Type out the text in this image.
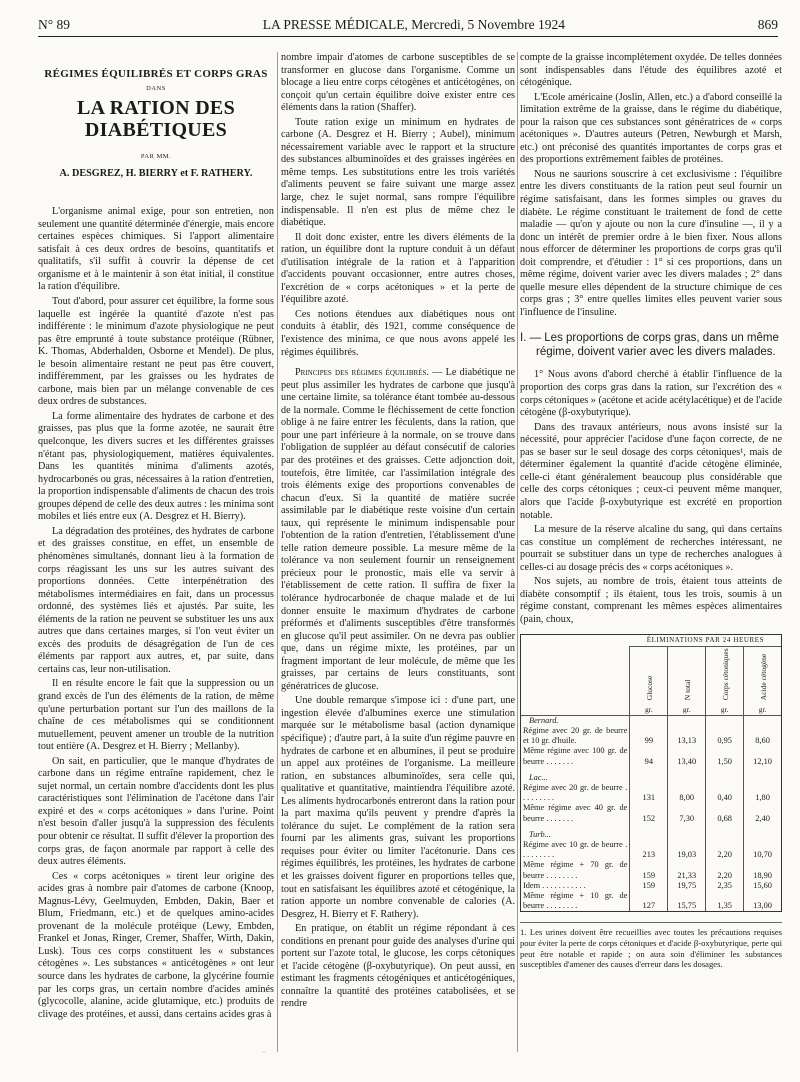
N° 89	LA PRESSE MÉDICALE, Mercredi, 5 Novembre 1924	869
RÉGIMES ÉQUILIBRÉS ET CORPS GRAS
DANS
LA RATION DES DIABÉTIQUES
PAR MM.
A. DESGREZ, H. BIERRY et F. RATHERY.

L'organisme animal exige, pour son entretien, non seulement une quantité déterminée d'énergie, mais encore certaines espèces chimiques. Si l'apport alimentaire satisfait à ces deux ordres de besoins, quantitatifs et qualitatifs, s'il suffit à couvrir la dépense de cet organisme et à le maintenir à son état initial, il constitue la ration d'équilibre.

Tout d'abord, pour assurer cet équilibre, la forme sous laquelle est ingérée la quantité d'azote n'est pas indifférente : le minimum d'azote physiologique ne peut pas être emprunté à toute substance protéique (Rübner, K. Thomas, Abderhalden, Osborne et Mendel). De plus, le besoin alimentaire restant ne peut pas être couvert, indifféremment, par les graisses ou les hydrates de carbone, mais bien par un mélange convenable de ces deux ordres de substances.

La forme alimentaire des hydrates de carbone et des graisses, pas plus que la forme azotée, ne saurait être quelconque, les divers sucres et les différentes graisses n'étant pas, physiologiquement, matières équivalentes. Dans les quantités minima d'aliments azotés, hydrocarbonés ou gras, nécessaires à la ration d'entretien, la proportion indispensable d'aliments de chacun des trois groupes dépend de celle des deux autres : les minima sont mobiles et liés entre eux (A. Desgrez et H. Bierry).

La dégradation des protéines, des hydrates de carbone et des graisses constitue, en effet, un ensemble de phénomènes simultanés, donnant lieu à la formation de corps réagissant les uns sur les autres suivant des proportions données. Cette interpénétration des métabolismes intermédiaires en fait, dans un processus ordonné, des systèmes liés et ajustés. Par suite, les éléments de la ration ne peuvent se substituer les uns aux autres que dans certaines marges, si l'on veut éviter un excès des produits de désagrégation de l'un de ces éléments par rapport aux autres, et, par suite, dans certains cas, leur non-utilisation.

Il en résulte encore le fait que la suppression ou un grand excès de l'un des éléments de la ration, de même qu'une perturbation portant sur l'un des maillons de la chaîne de ces métabolismes qui se conditionnent mutuellement, peuvent amener un trouble de la nutrition tout entière (A. Desgrez et H. Bierry ; Mellanby).

On sait, en particulier, que le manque d'hydrates de carbone dans un régime entraîne rapidement, chez le sujet normal, un certain nombre d'accidents dont les plus caractéristiques sont l'élimination de l'acétone dans l'air expiré et des « corps acétoniques » dans l'urine. Point n'est besoin d'aller jusqu'à la suppression des féculents pour obtenir ce résultat. Il suffit d'élever la proportion des corps gras, de façon anormale par rapport à celle des deux autres éléments.

Ces « corps acétoniques » tirent leur origine des acides gras à nombre pair d'atomes de carbone (Knoop, Magnus-Lévy, Geelmuyden, Embden, Dakin, Baer et Blum, Friedmann, etc.) et de quelques amino-acides provenant de la molécule protéique (Lewy, Embden, Frankel et Jonas, Ringer, Cremer, Shaffer, Wirth, Dakin, Lusk). Tous ces corps constituent les « substances cétogènes ». Les substances « anticétogènes » ont leur source dans les hydrates de carbone, la glycérine fournie par les corps gras, un certain nombre d'acides aminés (glycocolle, alanine, acide glutamique, etc.) produits de clivage des protéines, et aussi, dans certains acides gras à

nombre impair d'atomes de carbone susceptibles de se transformer en glucose dans l'organisme. Comme un blocage a lieu entre corps cétogènes et anticétogènes, on conçoit qu'un certain équilibre doive exister entre ces éléments dans la ration (Shaffer).

Toute ration exige un minimum en hydrates de carbone (A. Desgrez et H. Bierry ; Aubel), minimum nécessairement variable avec le rapport et la structure des substances albuminoïdes et des graisses ingérées en même temps. Les substitutions entre les trois variétés d'aliments peuvent se faire suivant une marge assez large, chez le sujet normal, sans rompre l'équilibre indispensable. Il n'en est plus de même chez le diabétique.

Il doit donc exister, entre les divers éléments de la ration, un équilibre dont la rupture conduit à un défaut d'utilisation intégrale de la ration et à l'apparition d'accidents pouvant occasionner, entre autres choses, l'excrétion de « corps acétoniques » et la perte de l'équilibre azoté.

Ces notions étendues aux diabétiques nous ont conduits à établir, dès 1921, comme conséquence de l'existence des minima, ce que nous avons appelé les régimes équilibrés.

Principes des régimes équilibrés. — Le diabétique ne peut plus assimiler les hydrates de carbone que jusqu'à une certaine limite, sa tolérance étant tombée au-dessous de la normale. Comme le fléchissement de cette fonction oblige à ne faire entrer les féculents, dans la ration, que pour une part inférieure à la normale, on se trouve dans l'obligation de suppléer au défaut consécutif de calories par des protéines et des graisses. Cette adjonction doit, toutefois, être limitée, car l'assimilation intégrale des trois éléments exige des proportions convenables de chacun d'eux. Si la quantité de matière sucrée assimilable par le diabétique reste voisine d'un certain taux, qui représente le minimum indispensable pour l'obtention de la ration d'entretien, l'établissement d'une telle ration demeure possible. La mesure même de la tolérance va non seulement fournir un renseignement précieux pour le pronostic, mais elle va servir à l'établissement de cette ration. Il suffira de fixer la tolérance hydrocarbonée de chaque malade et de lui donner ensuite le maximum d'hydrates de carbone préformés et d'aliments susceptibles d'être transformés en glucose qu'il peut assimiler. On ne devra pas oublier que, dans un régime mixte, les protéines, par un fragment important de leur molécule, de même que les graisses, par certains de leurs constituants, sont génératrices de glucose.

Une double remarque s'impose ici : d'une part, une ingestion élevée d'albumines exerce une stimulation marquée sur le métabolisme basal (action dynamique spécifique) ; d'autre part, à la suite d'un régime pauvre en hydrates de carbone et en albumines, il peut se produire un appel aux protéines de l'organisme. La meilleure ration, en substances albuminoïdes, sera celle qui, qualitative et quantitative, maintiendra l'équilibre azoté. Les aliments hydrocarbonés entreront dans la ration pour la part maxima qu'ils peuvent y prendre d'après la tolérance du sujet. Le complément de la ration sera fourni par les aliments gras, suivant les proportions requises pour éviter ou limiter l'acétonurie. Dans ces régimes équilibrés, les protéines, les hydrates de carbone et les graisses doivent figurer en proportions telles que, tout en satisfaisant les équilibres azoté et cétogénique, la ration apporte un nombre convenable de calories (A. Desgrez, H. Bierry et F. Rathery).

En pratique, on établit un régime répondant à ces conditions en prenant pour guide des analyses d'urine qui portent sur l'azote total, le glucose, les corps cétoniques et l'acide cétogène (β-oxybutyrique). On peut aussi, en estimant les fragments cétogéniques et anticétogéniques, connaître la quantité des protéines catabolisées, et se rendre

compte de la graisse incomplètement oxydée. De telles données sont indispensables dans l'étude des équilibres azoté et cétogénique.

L'Ecole américaine (Joslin, Allen, etc.) a d'abord conseillé la limitation extrême de la graisse, dans le régime du diabétique, pour la raison que ces substances sont génératrices de « corps acétoniques ». D'autres auteurs (Petren, Newburgh et Marsh, etc.) ont préconisé des quantités importantes de corps gras et des proportions extrêmement faibles de protéines.

Nous ne saurions souscrire à cet exclusivisme : l'équilibre entre les divers constituants de la ration peut seul fournir un régime satisfaisant, dans les formes simples ou graves du diabète. Le régime constituant le traitement de fond de cette maladie — qu'on y ajoute ou non la cure d'insuline —, il y a donc un intérêt de premier ordre à le bien fixer. Nous allons nous efforcer de déterminer les proportions de corps gras qu'il doit comprendre, et d'étudier : 1° si ces proportions, dans un même régime, doivent varier avec les divers malades ; 2° dans quelle mesure elles dépendent de la structure chimique de ces corps gras ; 3° entre quelles limites elles peuvent varier sous l'influence de l'insuline.

I. — Les proportions de corps gras, dans un même régime, doivent varier avec les divers malades.

1° Nous avons d'abord cherché à établir l'influence de la proportion des corps gras dans la ration, sur l'excrétion des « corps cétoniques » (acétone et acide acétylacétique) et de l'acide cétogène (β-oxybutyrique).

Dans des travaux antérieurs, nous avons insisté sur la nécessité, pour apprécier l'acidose d'une façon correcte, de ne pas se baser sur le seul dosage des corps cétoniques¹, mais de déterminer également la quantité d'acide cétogène éliminée, celle-ci étant généralement beaucoup plus considérable que celle des corps cétoniques ; ceux-ci peuvent même manquer, alors que l'acide β-oxybutyrique est excrété en proportion notable.

La mesure de la réserve alcaline du sang, qui dans certains cas constitue un complément de recherches intéressant, ne pourrait se substituer dans un type de recherches analogues à celles-ci au dosage précis des « corps acétoniques ».

Nos sujets, au nombre de trois, étaient tous atteints de diabète consomptif ; ils étaient, tous les trois, soumis à un régime constant, comprenant les mêmes espèces alimentaires (pain, choux,

	ÉLIMINATIONS PAR 24 HEURES			

	Glucose	N total	Corps cétoniques	Acide cétogène

	gr.	gr.	gr.	gr.
Bernard.				
Régime avec 20 gr. de beurre et 10 gr. d'huile.	99	13,13	0,95	8,60
Même régime avec 100 gr. de beurre . . . . . . .	94	13,40	1,50	12,10

Lac...				
Régime avec 20 gr. de beurre . . . . . . . . .	131	8,00	0,40	1,80
Même régime avec 40 gr. de beurre . . . . . . .	152	7,30	0,68	2,40

Turb...				
Régime avec 10 gr. de beurre . . . . . . . . .	213	19,03	2,20	10,70
Même régime + 70 gr. de beurre . . . . . . . .	159	21,33	2,20	18,90
Idem . . . . . . . . . . .	159	19,75	2,35	15,60
Même régime + 10 gr. de beurre . . . . . . . .	127	15,75	1,35	13,00
1. Les urines doivent être recueillies avec toutes les précautions requises pour éviter la perte de corps cétoniques et d'acide β-oxybutyrique, perte qui peut être notable et rapide ; on aura soin d'éliminer les substances susceptibles d'amener des causes d'erreur dans les dosages.
~
